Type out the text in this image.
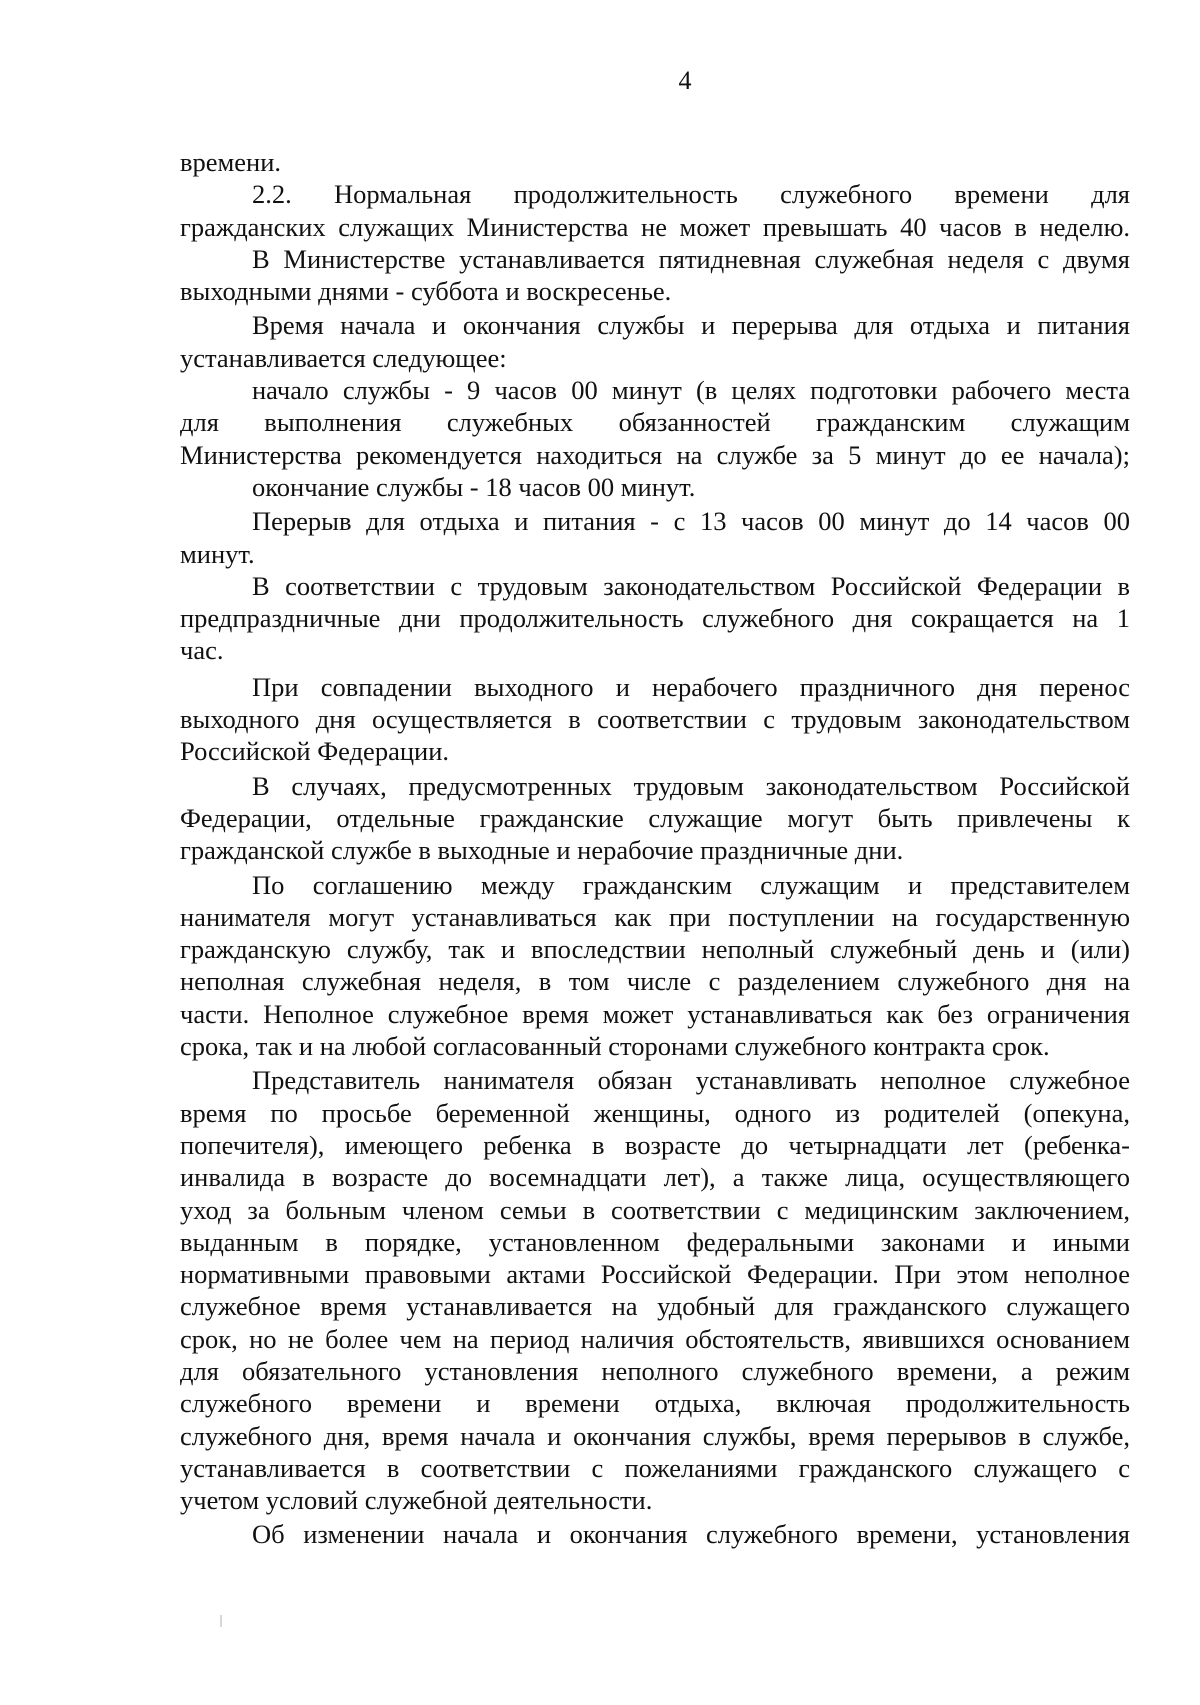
4
времени.
2.2. Нормальная продолжительность служебного времени для
гражданских служащих Министерства не может превышать 40 часов в неделю.
В Министерстве устанавливается пятидневная служебная неделя с двумя
выходными днями - суббота и воскресенье.
Время начала и окончания службы и перерыва для отдыха и питания
устанавливается следующее:
начало службы - 9 часов 00 минут (в целях подготовки рабочего места
для выполнения служебных обязанностей гражданским служащим
Министерства рекомендуется находиться на службе за 5 минут до ее начала);
окончание службы - 18 часов 00 минут.
Перерыв для отдыха и питания - с 13 часов 00 минут до 14 часов 00
минут.
В соответствии с трудовым законодательством Российской Федерации в
предпраздничные дни продолжительность служебного дня сокращается на 1
час.
При совпадении выходного и нерабочего праздничного дня перенос
выходного дня осуществляется в соответствии с трудовым законодательством
Российской Федерации.
В случаях, предусмотренных трудовым законодательством Российской
Федерации, отдельные гражданские служащие могут быть привлечены к
гражданской службе в выходные и нерабочие праздничные дни.
По соглашению между гражданским служащим и представителем
нанимателя могут устанавливаться как при поступлении на государственную
гражданскую службу, так и впоследствии неполный служебный день и (или)
неполная служебная неделя, в том числе с разделением служебного дня на
части. Неполное служебное время может устанавливаться как без ограничения
срока, так и на любой согласованный сторонами служебного контракта срок.
Представитель нанимателя обязан устанавливать неполное служебное
время по просьбе беременной женщины, одного из родителей (опекуна,
попечителя), имеющего ребенка в возрасте до четырнадцати лет (ребенка-
инвалида в возрасте до восемнадцати лет), а также лица, осуществляющего
уход за больным членом семьи в соответствии с медицинским заключением,
выданным в порядке, установленном федеральными законами и иными
нормативными правовыми актами Российской Федерации. При этом неполное
служебное время устанавливается на удобный для гражданского служащего
срок, но не более чем на период наличия обстоятельств, явившихся основанием
для обязательного установления неполного служебного времени, а режим
служебного времени и времени отдыха, включая продолжительность
служебного дня, время начала и окончания службы, время перерывов в службе,
устанавливается в соответствии с пожеланиями гражданского служащего с
учетом условий служебной деятельности.
Об изменении начала и окончания служебного времени, установления
